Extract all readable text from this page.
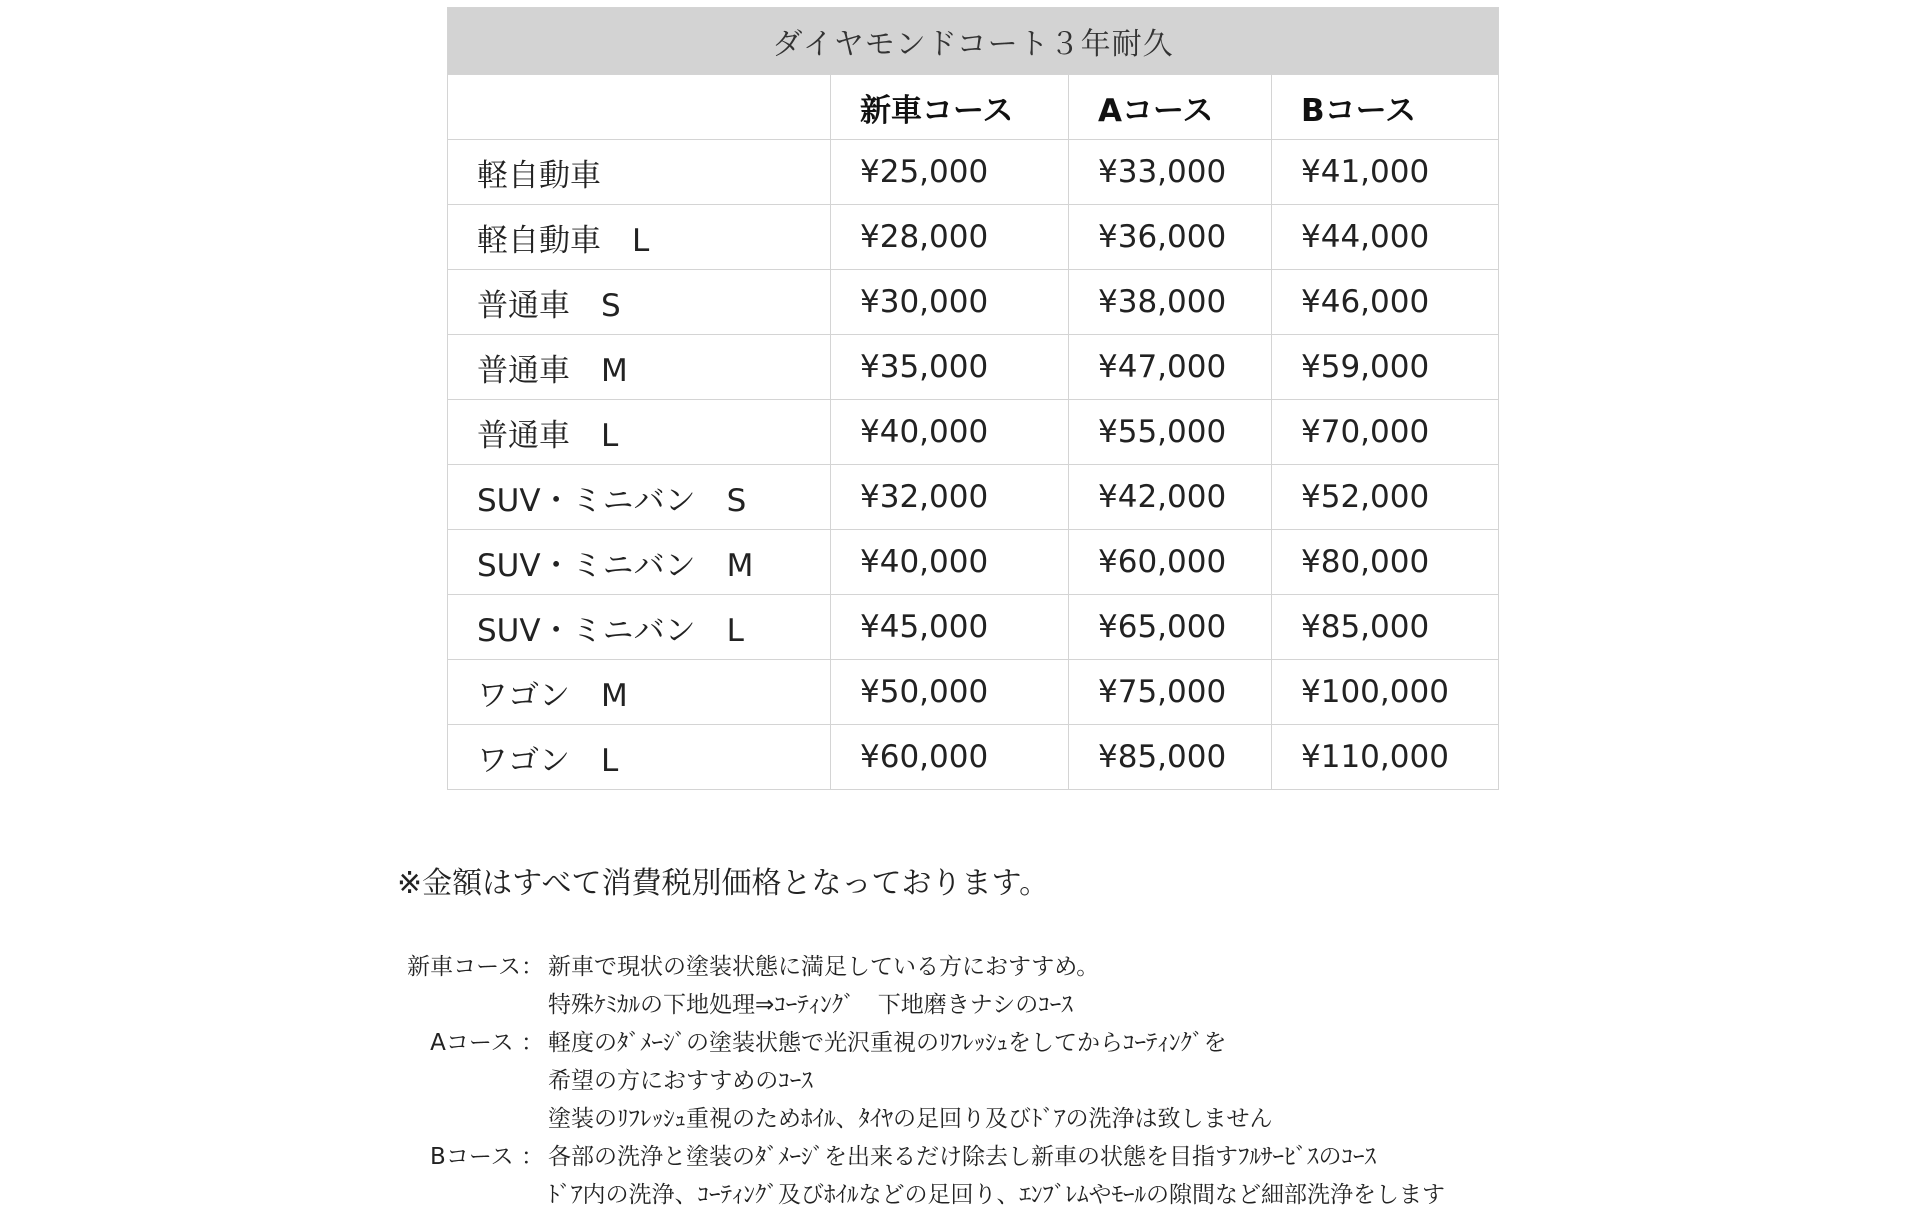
ダイヤモンドコート３年耐久			
	新車コース	Aコース	Bコース
軽自動車	¥25,000	¥33,000	¥41,000
軽自動車　L	¥28,000	¥36,000	¥44,000
普通車　S	¥30,000	¥38,000	¥46,000
普通車　M	¥35,000	¥47,000	¥59,000
普通車　L	¥40,000	¥55,000	¥70,000
SUV・ミニバン　S	¥32,000	¥42,000	¥52,000
SUV・ミニバン　M	¥40,000	¥60,000	¥80,000
SUV・ミニバン　L	¥45,000	¥65,000	¥85,000
ワゴン　M	¥50,000	¥75,000	¥100,000
ワゴン　L	¥60,000	¥85,000	¥110,000
※金額はすべて消費税別価格となっております。
新車コース： 新車で現状の塗装状態に満足している方におすすめ。
特殊ｹﾐｶﾙの下地処理⇒ｺｰﾃｨﾝｸﾞ　下地磨きナシのｺｰｽ
Aコース ： 軽度のﾀﾞﾒｰｼﾞの塗装状態で光沢重視のﾘﾌﾚｯｼｭをしてからｺｰﾃｨﾝｸﾞを
希望の方におすすめのｺｰｽ
塗装のﾘﾌﾚｯｼｭ重視のためﾎｲﾙ、ﾀｲﾔの足回り及びﾄﾞｱの洗浄は致しません
Bコース ： 各部の洗浄と塗装のﾀﾞﾒｰｼﾞを出来るだけ除去し新車の状態を目指すﾌﾙｻｰﾋﾞｽのｺｰｽ
ﾄﾞｱ内の洗浄、ｺｰﾃｨﾝｸﾞ及びﾎｲﾙなどの足回り、ｴﾝﾌﾞﾚﾑやﾓｰﾙの隙間など細部洗浄をします
